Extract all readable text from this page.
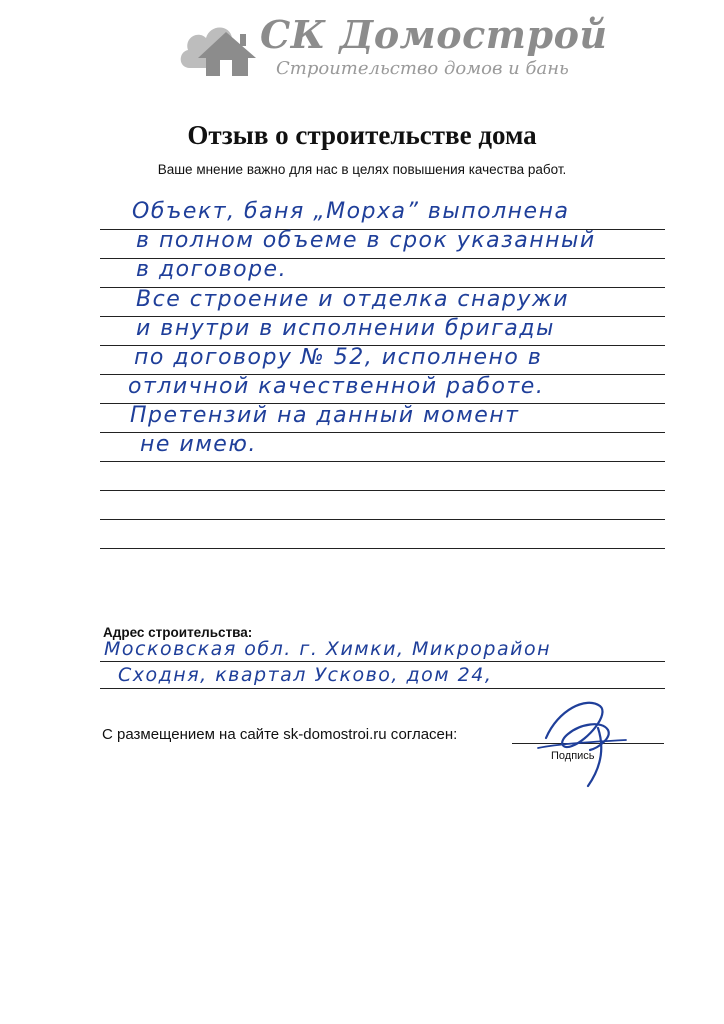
СК Домострой
Строительство домов и бань
Отзыв о строительстве дома
Ваше мнение важно для нас в целях повышения качества работ.
Объект, баня „Морха” выполнена
в полном объеме в срок указанный
в договоре.
Все строение и отделка снаружи
и внутри в исполнении бригады
по договору № 52, исполнено в
отличной качественной работе.
Претензий на данный момент
не имею.
Адрес строительства:
Московская обл. г. Химки, Микрорайон
Сходня, квартал Усково, дом 24,
С размещением на сайте sk-domostroi.ru согласен:
Подпись
